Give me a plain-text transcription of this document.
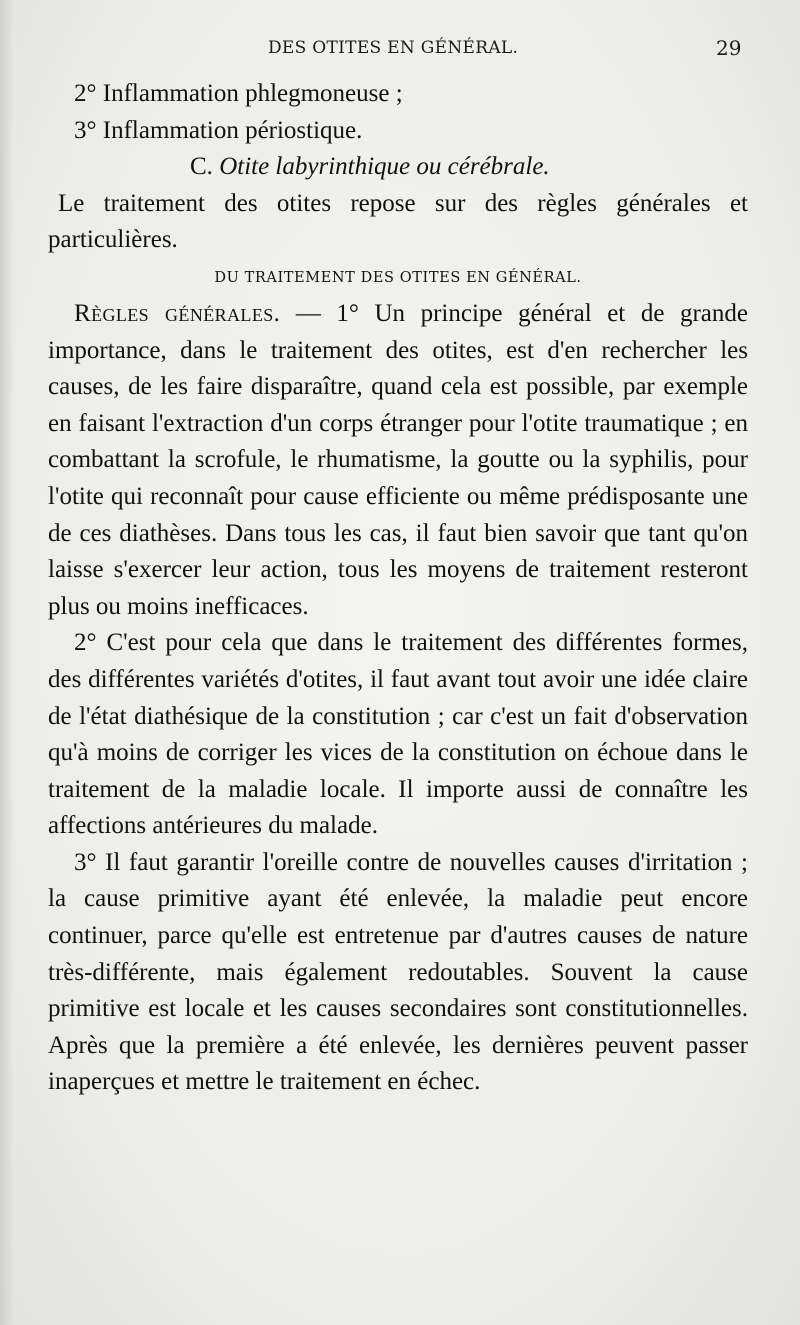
DES OTITES EN GÉNÉRAL.	29

2° Inflammation phlegmoneuse ;

3° Inflammation périostique.

C. Otite labyrinthique ou cérébrale.

Le traitement des otites repose sur des règles générales et particulières.

DU TRAITEMENT DES OTITES EN GÉNÉRAL.

Règles générales. — 1° Un principe général et de grande importance, dans le traitement des otites, est d'en rechercher les causes, de les faire disparaître, quand cela est possible, par exemple en faisant l'extraction d'un corps étranger pour l'otite traumatique ; en combattant la scrofule, le rhumatisme, la goutte ou la syphilis, pour l'otite qui reconnaît pour cause efficiente ou même prédisposante une de ces diathèses. Dans tous les cas, il faut bien savoir que tant qu'on laisse s'exercer leur action, tous les moyens de traitement resteront plus ou moins inefficaces.

2° C'est pour cela que dans le traitement des différentes formes, des différentes variétés d'otites, il faut avant tout avoir une idée claire de l'état diathésique de la constitution ; car c'est un fait d'observation qu'à moins de corriger les vices de la constitution on échoue dans le traitement de la maladie locale. Il importe aussi de connaître les affections antérieures du malade.

3° Il faut garantir l'oreille contre de nouvelles causes d'irritation ; la cause primitive ayant été enlevée, la maladie peut encore continuer, parce qu'elle est entretenue par d'autres causes de nature très-différente, mais également redoutables. Souvent la cause primitive est locale et les causes secondaires sont constitutionnelles. Après que la première a été enlevée, les dernières peuvent passer inaperçues et mettre le traitement en échec.
